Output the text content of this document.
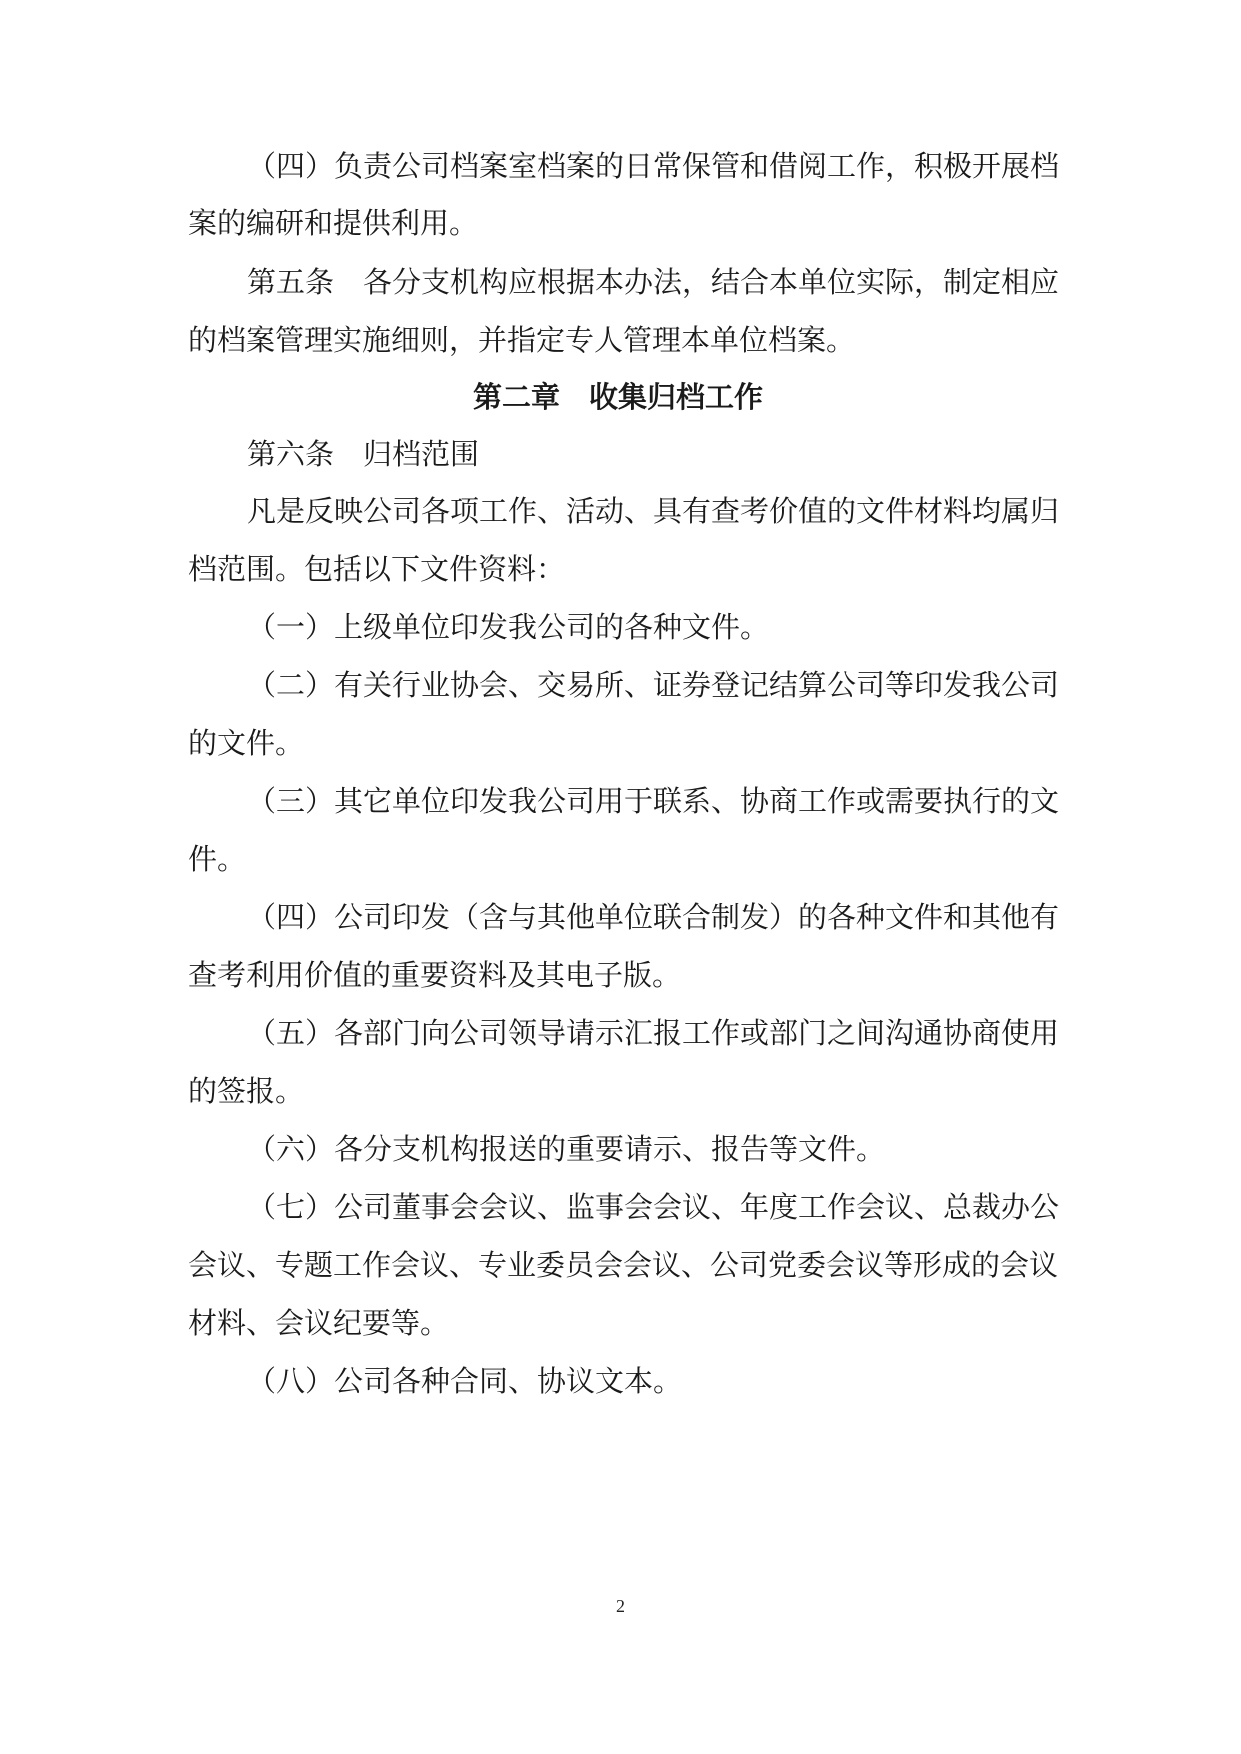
（四）负责公司档案室档案的日常保管和借阅工作，积极开展档
案的编研和提供利用。
第五条　各分支机构应根据本办法，结合本单位实际，制定相应
的档案管理实施细则，并指定专人管理本单位档案。
第二章　收集归档工作
第六条　归档范围
凡是反映公司各项工作、活动、具有查考价值的文件材料均属归
档范围。包括以下文件资料：
（一）上级单位印发我公司的各种文件。
（二）有关行业协会、交易所、证券登记结算公司等印发我公司
的文件。
（三）其它单位印发我公司用于联系、协商工作或需要执行的文
件。
（四）公司印发（含与其他单位联合制发）的各种文件和其他有
查考利用价值的重要资料及其电子版。
（五）各部门向公司领导请示汇报工作或部门之间沟通协商使用
的签报。
（六）各分支机构报送的重要请示、报告等文件。
（七）公司董事会会议、监事会会议、年度工作会议、总裁办公
会议、专题工作会议、专业委员会会议、公司党委会议等形成的会议
材料、会议纪要等。
（八）公司各种合同、协议文本。
2
